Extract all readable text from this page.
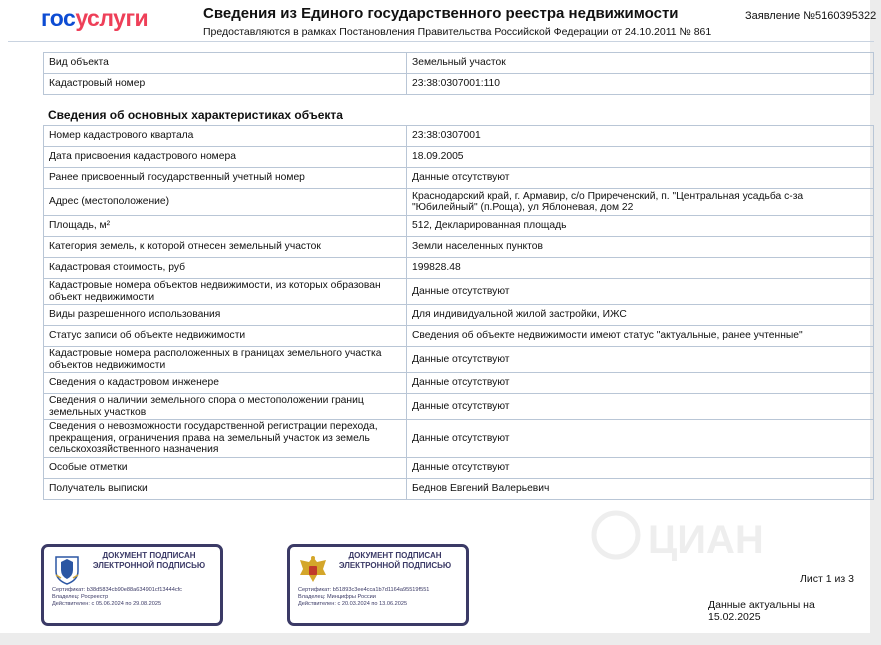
госуслуги	Сведения из Единого государственного реестра недвижимости
Предоставляются в рамках Постановления Правительства Российской Федерации от 24.10.2011 № 861
Заявление №5160395322
Вид объекта	Земельный участок
Кадастровый номер	23:38:0307001:110
Сведения об основных характеристиках объекта
Номер кадастрового квартала	23:38:0307001
Дата присвоения кадастрового номера	18.09.2005
Ранее присвоенный государственный учетный номер	Данные отсутствуют
Адрес (местоположение)	Краснодарский край, г. Армавир, с/о Приреченский, п. "Центральная усадьба с-за "Юбилейный" (п.Роща), ул Яблоневая, дом 22
Площадь, м²	512, Декларированная площадь
Категория земель, к которой отнесен земельный участок	Земли населенных пунктов
Кадастровая стоимость, руб	199828.48
Кадастровые номера объектов недвижимости, из которых образован объект недвижимости	Данные отсутствуют
Виды разрешенного использования	Для индивидуальной жилой застройки, ИЖС
Статус записи об объекте недвижимости	Сведения об объекте недвижимости имеют статус "актуальные, ранее учтенные"
Кадастровые номера расположенных в границах земельного участка объектов недвижимости	Данные отсутствуют
Сведения о кадастровом инженере	Данные отсутствуют
Сведения о наличии земельного спора о местоположении границ земельных участков	Данные отсутствуют
Сведения о невозможности государственной регистрации перехода, прекращения, ограничения права на земельный участок из земель сельскохозяйственного назначения	Данные отсутствуют
Особые отметки	Данные отсутствуют
Получатель выписки	Беднов Евгений Валерьевич
ЦИАН
ДОКУМЕНТ ПОДПИСАН ЭЛЕКТРОННОЙ ПОДПИСЬЮ
Сертификат: b38d5834cb90e88a634901cf13444cfc
Владелец: Росреестр
Действителен: с 05.06.2024 по 29.08.2025
ДОКУМЕНТ ПОДПИСАН ЭЛЕКТРОННОЙ ПОДПИСЬЮ
Сертификат: b51893c3ee4cca1b7d1164a95519f551
Владелец: Минцифры России
Действителен: с 20.03.2024 по 13.06.2025
Лист 1 из 3
Данные актуальны на 15.02.2025
